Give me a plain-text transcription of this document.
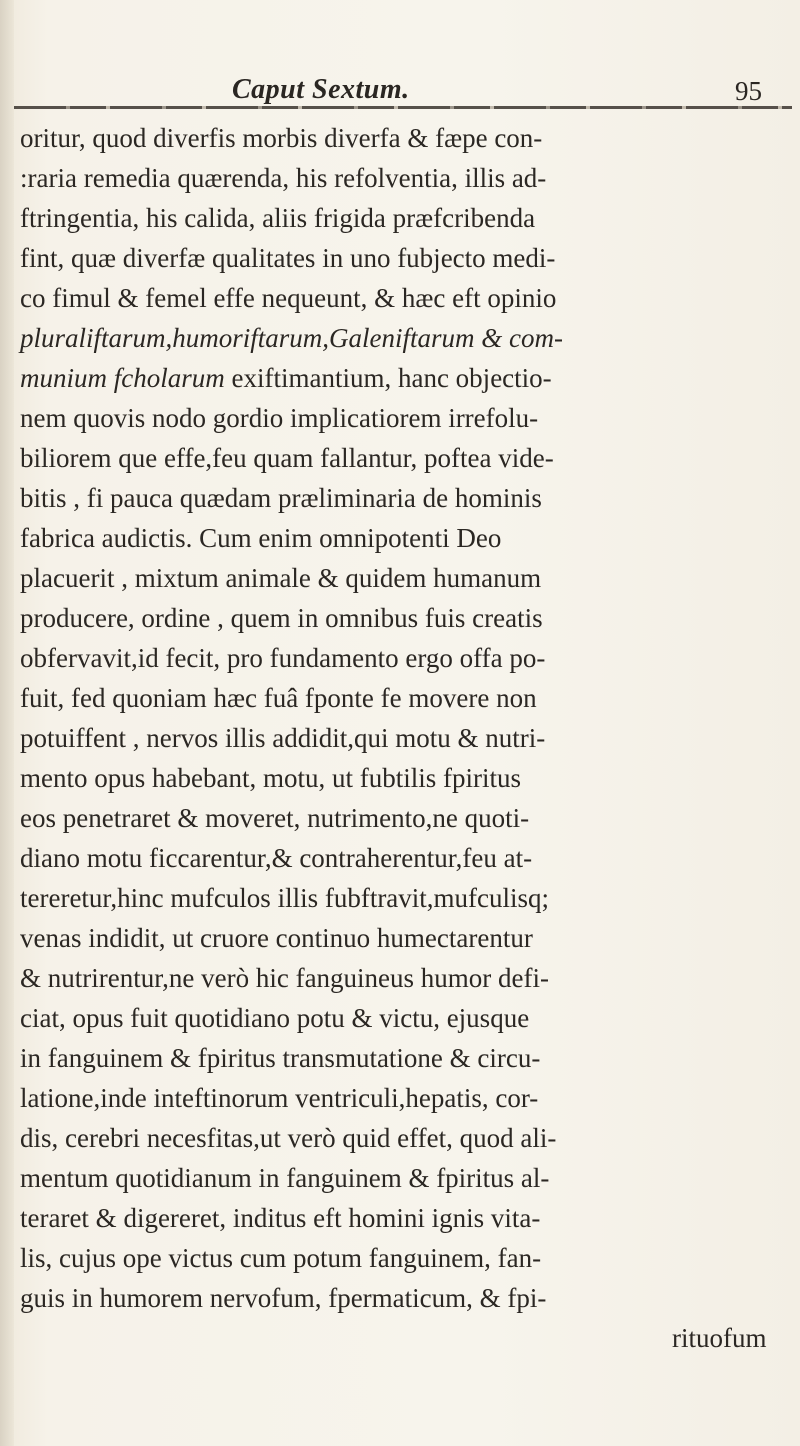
Caput Sextum.	95
oritur, quod diverfis morbis diverfa & fæpe con-
:raria remedia quærenda, his refolventia, illis ad-
ftringentia, his calida, aliis frigida præfcribenda
fint, quæ diverfæ qualitates in uno fubjecto medi-
co fimul & femel effe nequeunt, & hæc eft opinio
pluraliftarum,humoriftarum,Galeniftarum & com-
munium fcholarum exiftimantium, hanc objectio-
nem quovis nodo gordio implicatiorem irrefolu-
biliorem que effe,feu quam fallantur, poftea vide-
bitis , fi pauca quædam præliminaria de hominis
fabrica audictis. Cum enim omnipotenti Deo
placuerit , mixtum animale & quidem humanum
producere, ordine , quem in omnibus fuis creatis
obfervavit,id fecit, pro fundamento ergo offa po-
fuit, fed quoniam hæc fuâ fponte fe movere non
potuiffent , nervos illis addidit,qui motu & nutri-
mento opus habebant, motu, ut fubtilis fpiritus
eos penetraret & moveret, nutrimento,ne quoti-
diano motu ficcarentur,& contraherentur,feu at-
tereretur,hinc mufculos illis fubftravit,mufculisq;
venas indidit, ut cruore continuo humectarentur
& nutrirentur,ne verò hic fanguineus humor defi-
ciat, opus fuit quotidiano potu & victu, ejusque
in fanguinem & fpiritus transmutatione & circu-
latione,inde inteftinorum ventriculi,hepatis, cor-
dis, cerebri necesfitas,ut verò quid effet, quod ali-
mentum quotidianum in fanguinem & fpiritus al-
teraret & digereret, inditus eft homini ignis vita-
lis, cujus ope victus cum potum fanguinem, fan-
guis in humorem nervofum, fpermaticum, & fpi-
rituofum
